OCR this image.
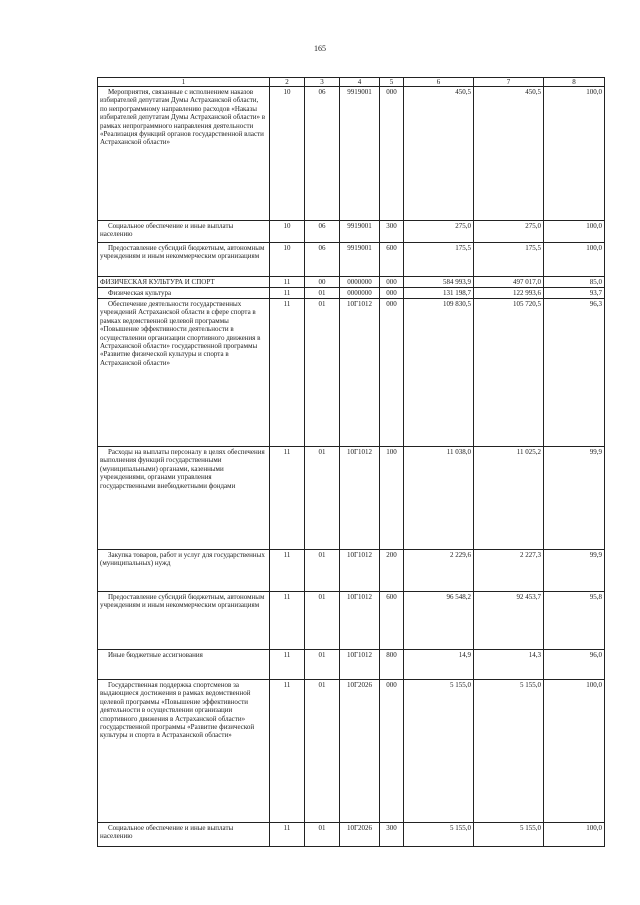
165
1	2	3	4	5	6	7	8

Мероприятия, связанные с исполнением наказов избирателей депутатам Думы Астраханской области, по непрограммному направлению расходов «Наказы избирателей депутатам Думы Астраханской области» в рамках непрограммного направления деятельности «Реализация функций органов государственной власти Астраханской области»	10	06	9919001	000	450,5	450,5	100,0

Социальное обеспечение и иные выплаты населению	10	06	9919001	300	275,0	275,0	100,0

Предоставление субсидий бюджетным, автономным учреждениям и иным некоммерческим организациям	10	06	9919001	600	175,5	175,5	100,0
ФИЗИЧЕСКАЯ КУЛЬТУРА И СПОРТ	11	00	0000000	000	584 993,9	497 017,0	85,0

Физическая культура	11	01	0000000	000	131 198,7	122 993,6	93,7

Обеспечение деятельности государственных учреждений Астраханской области в сфере спорта в рамках ведомственной целевой программы «Повышение эффективности деятельности в осуществлении организации спортивного движения в Астраханской области» государственной программы «Развитие физической культуры и спорта в Астраханской области»	11	01	10Г1012	000	109 830,5	105 720,5	96,3

Расходы на выплаты персоналу в целях обеспечения выполнения функций государственными (муниципальными) органами, казенными учреждениями, органами управления государственными внебюджетными фондами	11	01	10Г1012	100	11 038,0	11 025,2	99,9

Закупка товаров, работ и услуг для государственных (муниципальных) нужд	11	01	10Г1012	200	2 229,6	2 227,3	99,9

Предоставление субсидий бюджетным, автономным учреждениям и иным некоммерческим организациям	11	01	10Г1012	600	96 548,2	92 453,7	95,8

Иные бюджетные ассигнования	11	01	10Г1012	800	14,9	14,3	96,0

Государственная поддержка спортсменов за выдающиеся достижения в рамках ведомственной целевой программы «Повышение эффективности деятельности в осуществлении организации спортивного движения в Астраханской области» государственной программы «Развитие физической культуры и спорта в Астраханской области»	11	01	10Г2026	000	5 155,0	5 155,0	100,0

Социальное обеспечение и иные выплаты населению	11	01	10Г2026	300	5 155,0	5 155,0	100,0
